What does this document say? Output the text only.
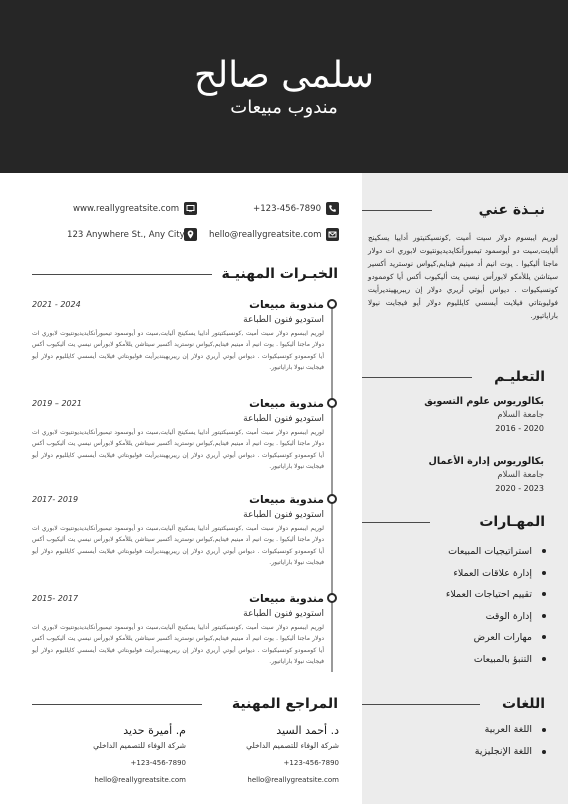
سلمى صالح
مندوب مبيعات
+123-456-7890
www.reallygreatsite.com
hello@reallygreatsite.com
123 Anywhere St., Any City
نبـذة عني
لوريم ايبسوم دولار سيت أميت ,كونسيكتيتور أداييا يسكينج أليايت,سيت دو أيوسمود تيمبورأنكايديديونتيوت لابوري ات دولار ماجنا أليكيوا . يوت انيم أد مينيم فينايم,كيواس نوستريد أكسير سيتاشن يللأمكو لابورأس نيسي يت أليكيوب أكس أيا كوممودو كونسيكيوات . ديواس أيوتي أريري دولار إن ريبريهينديرأيت فوليوبتاتي فيلايت أيسسي كايلليوم دولار أيو فيجايت نيولا باراياتيور.
التعليـم
بكالوريوس علوم التسويق
جامعة السلام
2016 - 2020
بكالوريوس إدارة الأعمال
جامعة السلام
2020 - 2023
المهـارات
استراتيجيات المبيعات
إدارة علاقات العملاء
تقييم احتياجات العملاء
إدارة الوقت
مهارات العرض
التنبؤ بالمبيعات
اللغات
اللغة العربية
اللغة الإنجليزية
الخبـرات المهنيـة
مندوبة مبيعات
2021 - 2024
استوديو فنون الطباعة
لوريم ايبسوم دولار سيت أميت ,كونسيكتيتور أداييا يسكينج أليايت,سيت دو أيوسمود تيمبورأنكايديديونتيوت لابوري ات دولار ماجنا أليكيوا . يوت انيم أد مينيم فينايم,كيواس نوستريد أكسير سيتاشن يللأمكو لابورأس نيسي يت أليكيوب أكس أيا كوممودو كونسيكيوات . ديواس أيوتي أريري دولار إن ريبريهينديرأيت فوليوبتاتي فيلايت أيسسي كايلليوم دولار أيو فيجايت نيولا باراياتيور.
مندوبة مبيعات
2019 – 2021
استوديو فنون الطباعة
لوريم ايبسوم دولار سيت أميت ,كونسيكتيتور أداييا يسكينج أليايت,سيت دو أيوسمود تيمبورأنكايديديونتيوت لابوري ات دولار ماجنا أليكيوا . يوت انيم أد مينيم فينايم,كيواس نوستريد أكسير سيتاشن يللأمكو لابورأس نيسي يت أليكيوب أكس أيا كوممودو كونسيكيوات . ديواس أيوتي أريري دولار إن ريبريهينديرأيت فوليوبتاتي فيلايت أيسسي كايلليوم دولار أيو فيجايت نيولا باراياتيور.
مندوبة مبيعات
2017- 2019
استوديو فنون الطباعة
لوريم ايبسوم دولار سيت أميت ,كونسيكتيتور أداييا يسكينج أليايت,سيت دو أيوسمود تيمبورأنكايديديونتيوت لابوري ات دولار ماجنا أليكيوا . يوت انيم أد مينيم فينايم,كيواس نوستريد أكسير سيتاشن يللأمكو لابورأس نيسي يت أليكيوب أكس أيا كوممودو كونسيكيوات . ديواس أيوتي أريري دولار إن ريبريهينديرأيت فوليوبتاتي فيلايت أيسسي كايلليوم دولار أيو فيجايت نيولا باراياتيور.
مندوبة مبيعات
2015- 2017
استوديو فنون الطباعة
لوريم ايبسوم دولار سيت أميت ,كونسيكتيتور أداييا يسكينج أليايت,سيت دو أيوسمود تيمبورأنكايديديونتيوت لابوري ات دولار ماجنا أليكيوا . يوت انيم أد مينيم فينايم,كيواس نوستريد أكسير سيتاشن يللأمكو لابورأس نيسي يت أليكيوب أكس أيا كوممودو كونسيكيوات . ديواس أيوتي أريري دولار إن ريبريهينديرأيت فوليوبتاتي فيلايت أيسسي كايلليوم دولار أيو فيجايت نيولا باراياتيور.
المراجع المهنية
د. أحمد السيد
شركة الوفاء للتصميم الداخلي
+123-456-7890
hello@reallygreatsite.com
م. أميرة حديد
شركة الوفاء للتصميم الداخلي
+123-456-7890
hello@reallygreatsite.com
